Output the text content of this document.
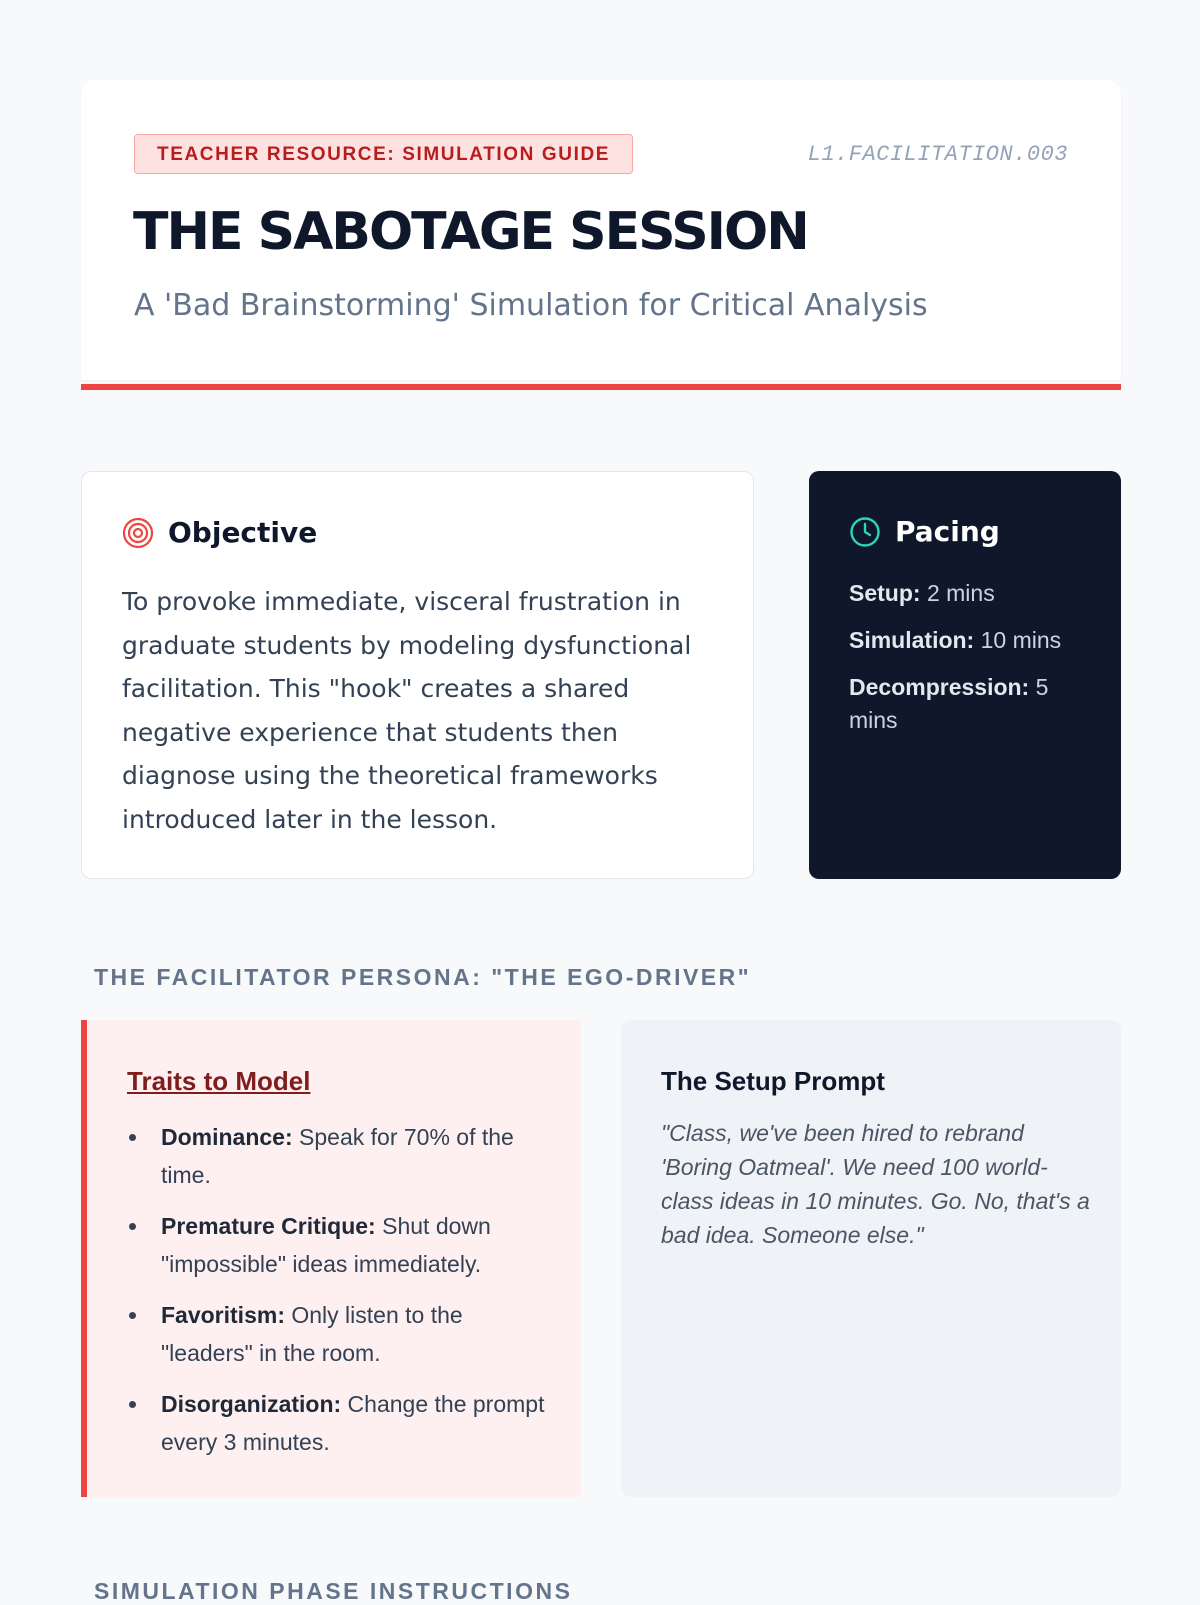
TEACHER RESOURCE: SIMULATION GUIDE	L1.FACILITATION.003
THE SABOTAGE SESSION
A 'Bad Brainstorming' Simulation for Critical Analysis
Objective

To provoke immediate, visceral frustration in graduate students by modeling dysfunctional facilitation. This "hook" creates a shared negative experience that students then diagnose using the theoretical frameworks introduced later in the lesson.

Pacing
Setup: 2 mins
Simulation: 10 mins
Decompression: 5 mins
THE FACILITATOR PERSONA: "THE EGO-DRIVER"
Traits to Model
Dominance: Speak for 70% of the time.
Premature Critique: Shut down "impossible" ideas immediately.
Favoritism: Only listen to the "leaders" in the room.
Disorganization: Change the prompt every 3 minutes.
The Setup Prompt

"Class, we've been hired to rebrand 'Boring Oatmeal'. We need 100 world-class ideas in 10 minutes. Go. No, that's a bad idea. Someone else."

SIMULATION PHASE INSTRUCTIONS
